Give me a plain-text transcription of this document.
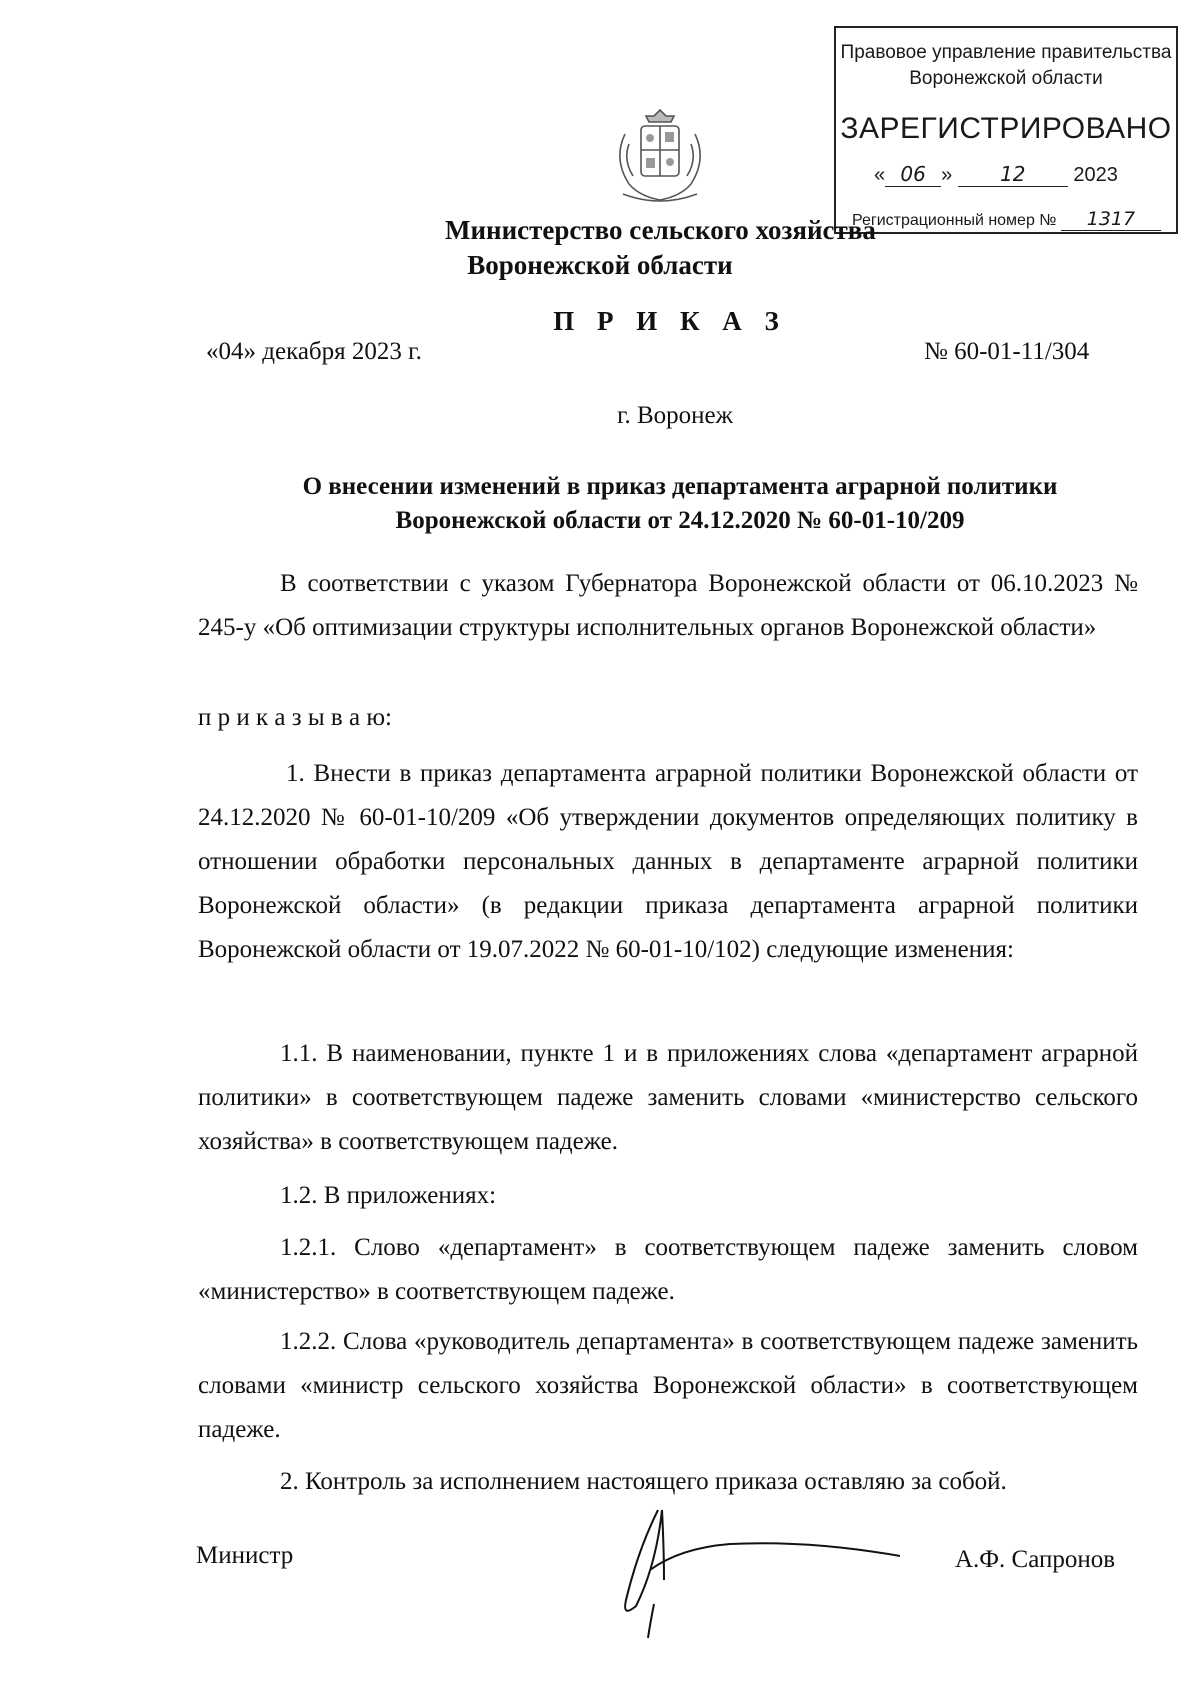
Правовое управление правительства
Воронежской области
ЗАРЕГИСТРИРОВАНО
« 06 » 12 2023
Регистрационный номер № 1317
Министерство сельского хозяйства
Воронежской области
П Р И К А З
«04» декабря 2023 г.	№ 60-01-11/304
г. Воронеж
О внесении изменений в приказ департамента аграрной политики
Воронежской области от 24.12.2020 № 60-01-10/209
В соответствии с указом Губернатора Воронежской области от 06.10.2023 № 245-у «Об оптимизации структуры исполнительных органов Воронежской области»
п р и к а з ы в а ю:
1. Внести в приказ департамента аграрной политики Воронежской области от 24.12.2020 № 60-01-10/209 «Об утверждении документов определяющих политику в отношении обработки персональных данных в департаменте аграрной политики Воронежской области» (в редакции приказа департамента аграрной политики Воронежской области от 19.07.2022 № 60-01-10/102) следующие изменения:
1.1. В наименовании, пункте 1 и в приложениях слова «департамент аграрной политики» в соответствующем падеже заменить словами «министерство сельского хозяйства» в соответствующем падеже.
1.2. В приложениях:
1.2.1. Слово «департамент» в соответствующем падеже заменить словом «министерство» в соответствующем падеже.
1.2.2. Слова «руководитель департамента» в соответствующем падеже заменить словами «министр сельского хозяйства Воронежской области» в соответствующем падеже.
2. Контроль за исполнением настоящего приказа оставляю за собой.
Министр	А.Ф. Сапронов
